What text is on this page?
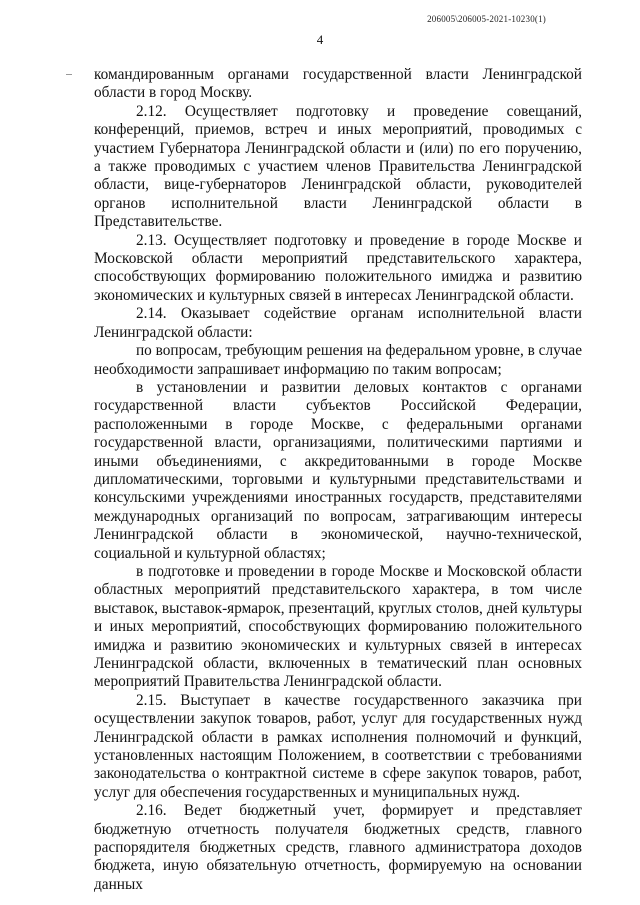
206005\206005-2021-10230(1)
4

командированным органами государственной власти Ленинградской области в город Москву.

2.12. Осуществляет подготовку и проведение совещаний, конференций, приемов, встреч и иных мероприятий, проводимых с участием Губернатора Ленинградской области и (или) по его поручению, а также проводимых с участием членов Правительства Ленинградской области, вице-губернаторов Ленинградской области, руководителей органов исполнительной власти Ленинградской области в Представительстве.

2.13. Осуществляет подготовку и проведение в городе Москве и Московской области мероприятий представительского характера, способствующих формированию положительного имиджа и развитию экономических и культурных связей в интересах Ленинградской области.

2.14. Оказывает содействие органам исполнительной власти Ленинградской области:

по вопросам, требующим решения на федеральном уровне, в случае необходимости запрашивает информацию по таким вопросам;

в установлении и развитии деловых контактов с органами государственной власти субъектов Российской Федерации, расположенными в городе Москве, с федеральными органами государственной власти, организациями, политическими партиями и иными объединениями, с аккредитованными в городе Москве дипломатическими, торговыми и культурными представительствами и консульскими учреждениями иностранных государств, представителями международных организаций по вопросам, затрагивающим интересы Ленинградской области в экономической, научно-технической, социальной и культурной областях;

в подготовке и проведении в городе Москве и Московской области областных мероприятий представительского характера, в том числе выставок, выставок-ярмарок, презентаций, круглых столов, дней культуры и иных мероприятий, способствующих формированию положительного имиджа и развитию экономических и культурных связей в интересах Ленинградской области, включенных в тематический план основных мероприятий Правительства Ленинградской области.

2.15. Выступает в качестве государственного заказчика при осуществлении закупок товаров, работ, услуг для государственных нужд Ленинградской области в рамках исполнения полномочий и функций, установленных настоящим Положением, в соответствии с требованиями законодательства о контрактной системе в сфере закупок товаров, работ, услуг для обеспечения государственных и муниципальных нужд.

2.16. Ведет бюджетный учет, формирует и представляет бюджетную отчетность получателя бюджетных средств, главного распорядителя бюджетных средств, главного администратора доходов бюджета, иную обязательную отчетность, формируемую на основании данных
